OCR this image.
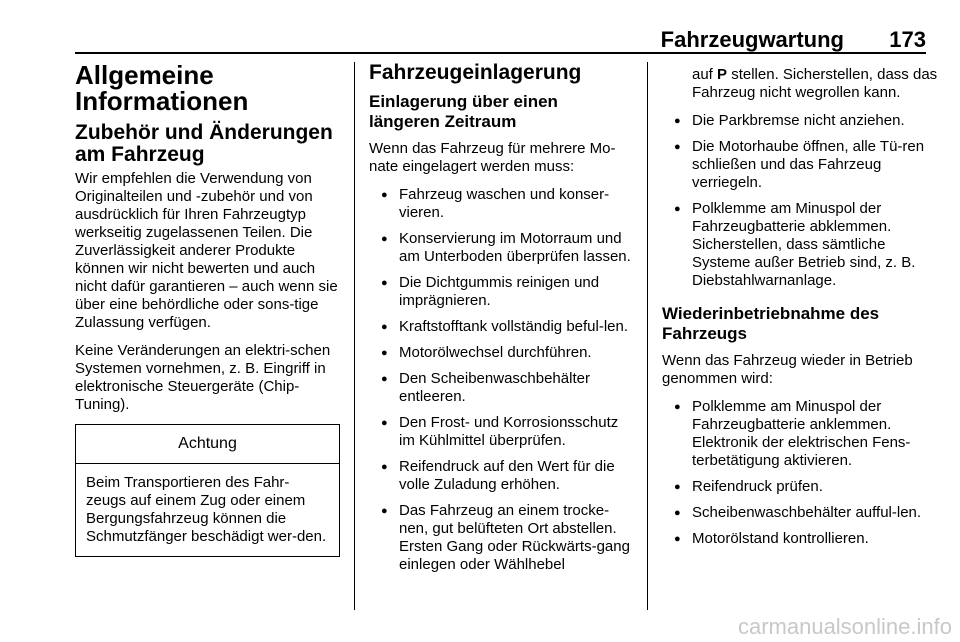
Fahrzeugwartung 173
Allgemeine
Informationen
Zubehör und Änderungen
am Fahrzeug

Wir empfehlen die Verwendung von Originalteilen und -zubehör und von ausdrücklich für Ihren Fahrzeugtyp werkseitig zugelassenen Teilen. Die Zuverlässigkeit anderer Produkte können wir nicht bewerten und auch nicht dafür garantieren – auch wenn sie über eine behördliche oder sons-tige Zulassung verfügen.

Keine Veränderungen an elektri-schen Systemen vornehmen, z. B. Eingriff in elektronische Steuergeräte (Chip-Tuning).

Achtung
Beim Transportieren des Fahr-zeugs auf einem Zug oder einem Bergungsfahrzeug können die Schmutzfänger beschädigt wer-den.
Fahrzeugeinlagerung
Einlagerung über einen längeren Zeitraum

Wenn das Fahrzeug für mehrere Mo-nate eingelagert werden muss:

● Fahrzeug waschen und konser-vieren.
● Konservierung im Motorraum und am Unterboden überprüfen lassen.
● Die Dichtgummis reinigen und imprägnieren.
● Kraftstofftank vollständig beful-len.
● Motorölwechsel durchführen.
● Den Scheibenwaschbehälter entleeren.
● Den Frost- und Korrosionsschutz im Kühlmittel überprüfen.
● Reifendruck auf den Wert für die volle Zuladung erhöhen.
● Das Fahrzeug an einem trocke-nen, gut belüfteten Ort abstellen. Ersten Gang oder Rückwärts-gang einlegen oder Wählhebel

auf P stellen. Sicherstellen, dass das Fahrzeug nicht wegrollen kann.

● Die Parkbremse nicht anziehen.
● Die Motorhaube öffnen, alle Tü-ren schließen und das Fahrzeug verriegeln.
● Polklemme am Minuspol der Fahrzeugbatterie abklemmen. Sicherstellen, dass sämtliche Systeme außer Betrieb sind, z. B. Diebstahlwarnanlage.
Wiederinbetriebnahme des Fahrzeugs

Wenn das Fahrzeug wieder in Betrieb genommen wird:

● Polklemme am Minuspol der Fahrzeugbatterie anklemmen. Elektronik der elektrischen Fens-terbetätigung aktivieren.
● Reifendruck prüfen.
● Scheibenwaschbehälter aufful-len.
● Motorölstand kontrollieren.
carmanualsonline.info
